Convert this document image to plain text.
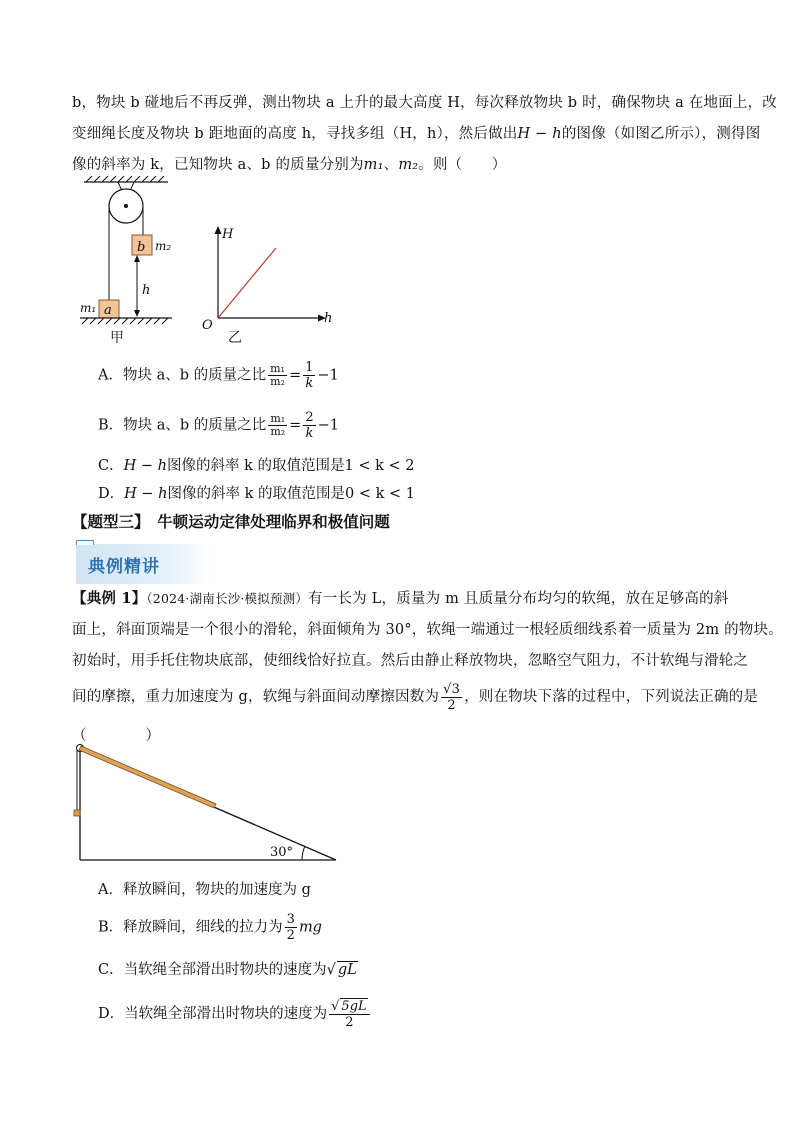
b，物块 b 碰地后不再反弹，测出物块 a 上升的最大高度 H，每次释放物块 b 时，确保物块 a 在地面上，改
变细绳长度及物块 b 距地面的高度 h，寻找多组（H，h），然后做出H − h的图像（如图乙所示），测得图
像的斜率为 k，已知物块 a、b 的质量分别为m₁、m₂。则（　　）
b m₂
h
m₁ a
甲
H
O	h
乙
A．物块 a、b 的质量之比 $\frac{\text{m₁}}{\text{m₂}} = \frac{1}{k} -1$
B．物块 a、b 的质量之比 $\frac{\text{m₁}}{\text{m₂}} = \frac{2}{k} -1$
C．H − h图像的斜率 k 的取值范围是1 < k < 2
D．H − h图像的斜率 k 的取值范围是0 < k < 1
【题型三】　牛顿运动定律处理临界和极值问题
典例精讲
【典例 1】（2024·湖南长沙·模拟预测）有一长为 L，质量为 m 且质量分布均匀的软绳，放在足够高的斜
面上，斜面顶端是一个很小的滑轮，斜面倾角为 30°，软绳一端通过一根轻质细线系着一质量为 2m 的物块。
初始时，用手托住物块底部，使细线恰好拉直。然后由静止释放物块，忽略空气阻力，不计软绳与滑轮之
间的摩擦，重力加速度为 g，软绳与斜面间动摩擦因数为 $\frac{√3}{2}$ ，则在物块下落的过程中，下列说法正确的是
（　　　　）
30°
A．释放瞬间，物块的加速度为 g
B．释放瞬间，细线的拉力为 $\frac{3}{2}$ mg
C．当软绳全部滑出时物块的速度为√ gL
D．当软绳全部滑出时物块的速度为 $\frac{√ 5gL}{2}$
